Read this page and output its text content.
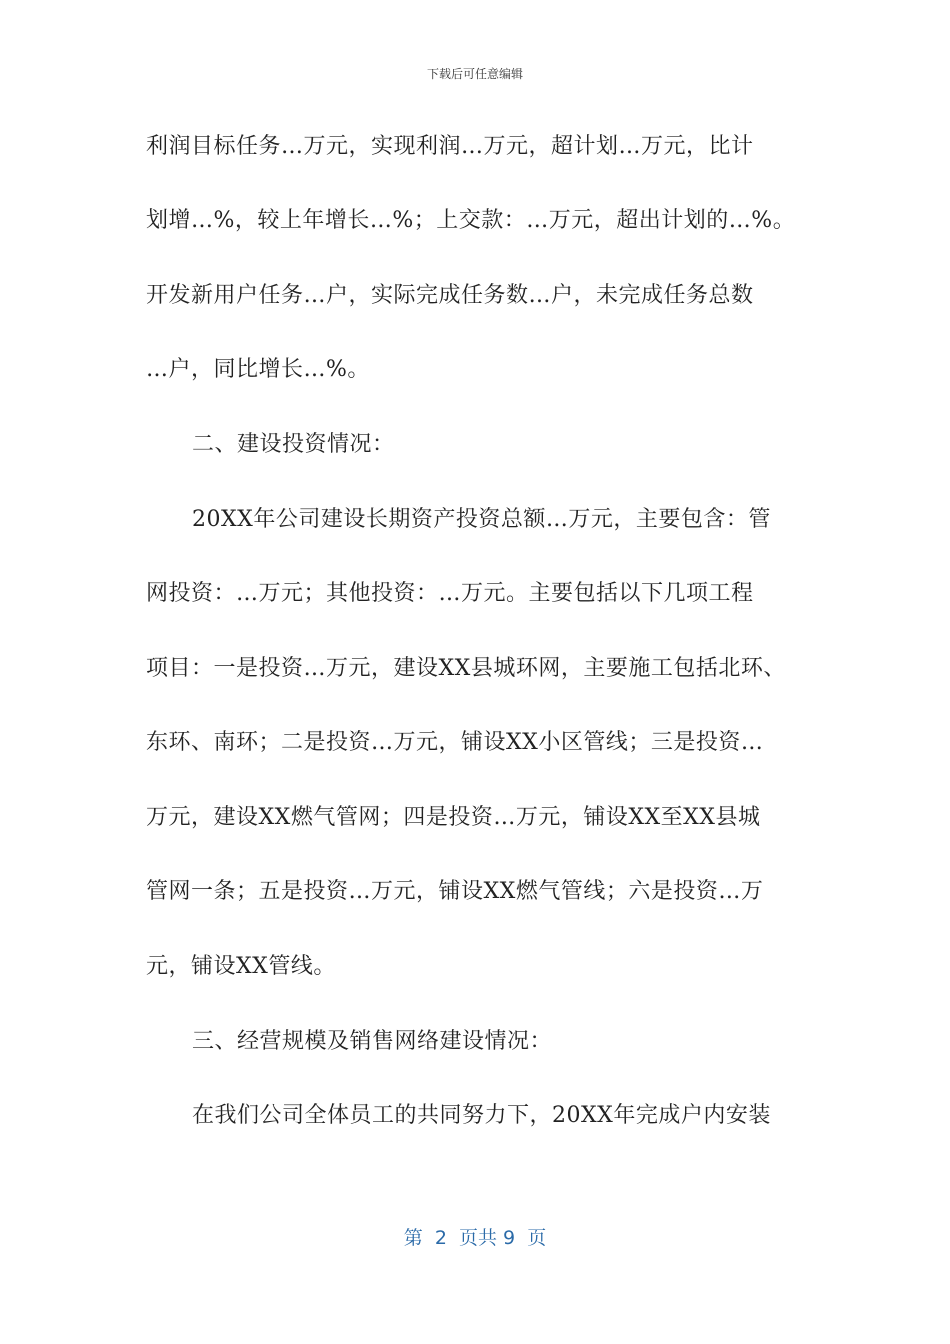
下载后可任意编辑
利润目标任务…万元，实现利润…万元，超计划…万元，比计
划增…%，较上年增长…%；上交款：…万元，超出计划的…%。
开发新用户任务…户，实际完成任务数…户，未完成任务总数
…户，同比增长…%。
二、建设投资情况：
20XX年公司建设长期资产投资总额…万元，主要包含：管
网投资：…万元；其他投资：…万元。主要包括以下几项工程
项目：一是投资…万元，建设XX县城环网，主要施工包括北环、
东环、南环；二是投资…万元，铺设XX小区管线；三是投资…
万元，建设XX燃气管网；四是投资…万元，铺设XX至XX县城
管网一条；五是投资…万元，铺设XX燃气管线；六是投资…万
元，铺设XX管线。
三、经营规模及销售网络建设情况：
在我们公司全体员工的共同努力下，20XX年完成户内安装
第  2  页共 9  页
